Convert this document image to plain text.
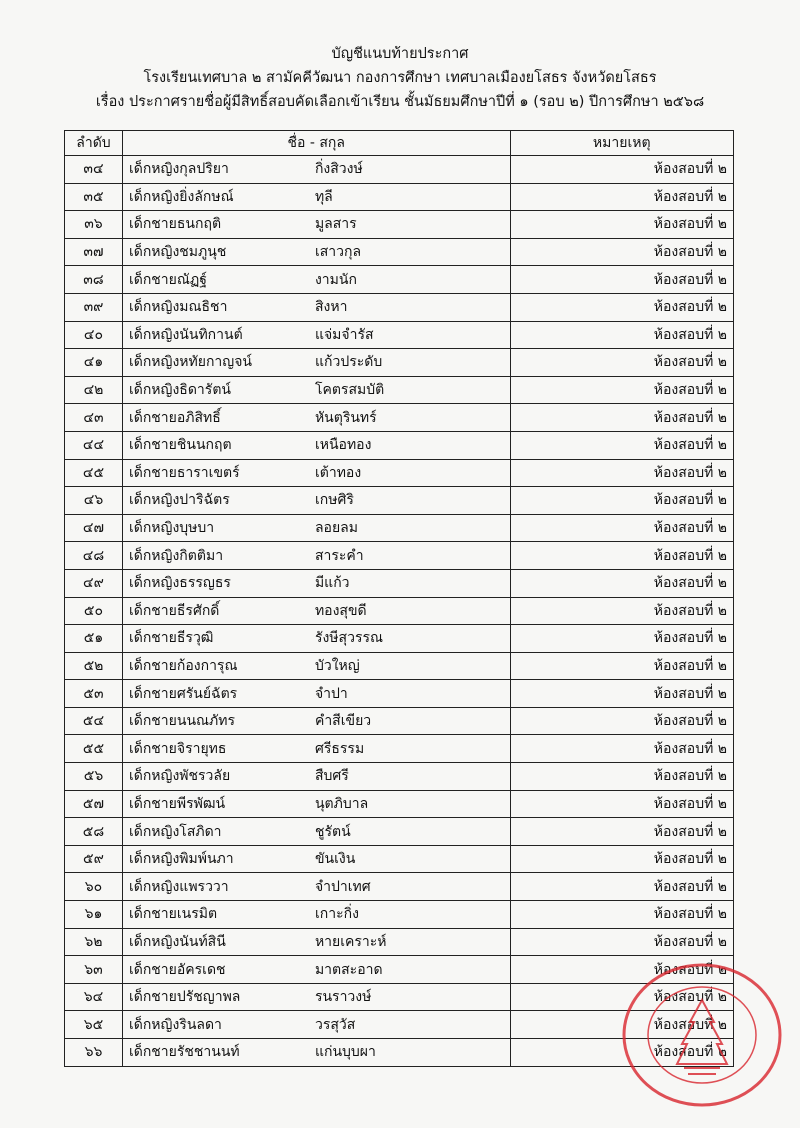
บัญชีแนบท้ายประกาศ
โรงเรียนเทศบาล ๒ สามัคคีวัฒนา กองการศึกษา เทศบาลเมืองยโสธร จังหวัดยโสธร
เรื่อง ประกาศรายชื่อผู้มีสิทธิ์สอบคัดเลือกเข้าเรียน ชั้นมัธยมศึกษาปีที่ ๑ (รอบ ๒) ปีการศึกษา ๒๕๖๘
ลำดับ	ชื่อ - สกุล	หมายเหตุ
๓๔	เด็กหญิงกุลปริยา กิ่งสิวงษ์	ห้องสอบที่ ๒
๓๕	เด็กหญิงยิ่งลักษณ์ ทุลี	ห้องสอบที่ ๒
๓๖	เด็กชายธนกฤติ มูลสาร	ห้องสอบที่ ๒
๓๗	เด็กหญิงชมภูนุช เสาวกุล	ห้องสอบที่ ๒
๓๘	เด็กชายณัฏฐ์ งามนัก	ห้องสอบที่ ๒
๓๙	เด็กหญิงมณธิชา สิงหา	ห้องสอบที่ ๒
๔๐	เด็กหญิงนันทิกานต์ แจ่มจำรัส	ห้องสอบที่ ๒
๔๑	เด็กหญิงหทัยกาญจน์ แก้วประดับ	ห้องสอบที่ ๒
๔๒	เด็กหญิงธิดารัตน์ โคตรสมบัติ	ห้องสอบที่ ๒
๔๓	เด็กชายอภิสิทธิ์ หันตุรินทร์	ห้องสอบที่ ๒
๔๔	เด็กชายชินนกฤต เหนือทอง	ห้องสอบที่ ๒
๔๕	เด็กชายธาราเขตร์ เต้าทอง	ห้องสอบที่ ๒
๔๖	เด็กหญิงปาริฉัตร เกษศิริ	ห้องสอบที่ ๒
๔๗	เด็กหญิงบุษบา ลอยลม	ห้องสอบที่ ๒
๔๘	เด็กหญิงกิตติมา สาระคำ	ห้องสอบที่ ๒
๔๙	เด็กหญิงธรรญธร มีแก้ว	ห้องสอบที่ ๒
๕๐	เด็กชายธีรศักดิ์ ทองสุขดี	ห้องสอบที่ ๒
๕๑	เด็กชายธีรวุฒิ รังษีสุวรรณ	ห้องสอบที่ ๒
๕๒	เด็กชายก้องการุณ บัวใหญ่	ห้องสอบที่ ๒
๕๓	เด็กชายศรันย์ฉัตร จำปา	ห้องสอบที่ ๒
๕๔	เด็กชายนนณภัทร คำสีเขียว	ห้องสอบที่ ๒
๕๕	เด็กชายจิรายุทธ ศรีธรรม	ห้องสอบที่ ๒
๕๖	เด็กหญิงพัชรวลัย สืบศรี	ห้องสอบที่ ๒
๕๗	เด็กชายพีรพัฒน์ นุตภิบาล	ห้องสอบที่ ๒
๕๘	เด็กหญิงโสภิดา ชูรัตน์	ห้องสอบที่ ๒
๕๙	เด็กหญิงพิมพ์นภา ขันเงิน	ห้องสอบที่ ๒
๖๐	เด็กหญิงแพรววา จำปาเทศ	ห้องสอบที่ ๒
๖๑	เด็กชายเนรมิต เกาะกิ่ง	ห้องสอบที่ ๒
๖๒	เด็กหญิงนันท์สินี หายเคราะห์	ห้องสอบที่ ๒
๖๓	เด็กชายอัครเดช มาตสะอาด	ห้องสอบที่ ๒
๖๔	เด็กชายปรัชญาพล รนราวงษ์	ห้องสอบที่ ๒
๖๕	เด็กหญิงรินลดา วรสุวัส	ห้องสอบที่ ๒
๖๖	เด็กชายรัชชานนท์ แก่นบุบผา	ห้องสอบที่ ๒
